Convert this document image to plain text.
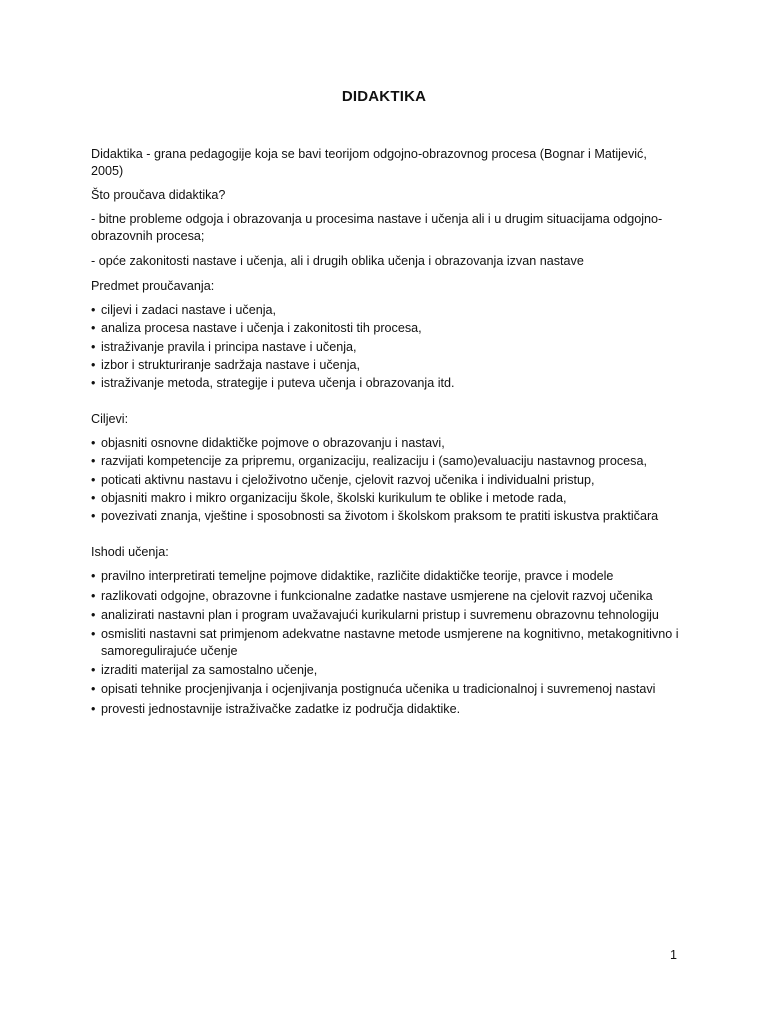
DIDAKTIKA

Didaktika - grana pedagogije koja se bavi teorijom odgojno-obrazovnog procesa (Bognar i Matijević, 2005)

Što proučava didaktika?

- bitne probleme odgoja i obrazovanja u procesima nastave i učenja ali i u drugim situacijama odgojno-obrazovnih procesa;

- opće zakonitosti nastave i učenja, ali i drugih oblika učenja i obrazovanja izvan nastave

Predmet proučavanja:

• ciljevi i zadaci nastave i učenja,
• analiza procesa nastave i učenja i zakonitosti tih procesa,
• istraživanje pravila i principa nastave i učenja,
• izbor i strukturiranje sadržaja nastave i učenja,
• istraživanje metoda, strategije i puteva učenja i obrazovanja itd.

Ciljevi:

• objasniti osnovne didaktičke pojmove o obrazovanju i nastavi,
• razvijati kompetencije za pripremu, organizaciju, realizaciju i (samo)evaluaciju nastavnog procesa,
• poticati aktivnu nastavu i cjeloživotno učenje, cjelovit razvoj učenika i individualni pristup,
• objasniti makro i mikro organizaciju škole, školski kurikulum te oblike i metode rada,
• povezivati znanja, vještine i sposobnosti sa životom i školskom praksom te pratiti iskustva praktičara

Ishodi učenja:

• pravilno interpretirati temeljne pojmove didaktike, različite didaktičke teorije, pravce i modele
• razlikovati odgojne, obrazovne i funkcionalne zadatke nastave usmjerene na cjelovit razvoj učenika
• analizirati nastavni plan i program uvažavajući kurikularni pristup i suvremenu obrazovnu tehnologiju
• osmisliti nastavni sat primjenom adekvatne nastavne metode usmjerene na kognitivno, metakognitivno i samoregulirajuće učenje
• izraditi materijal za samostalno učenje,
• opisati tehnike procjenjivanja i ocjenjivanja postignuća učenika u tradicionalnoj i suvremenoj nastavi
• provesti jednostavnije istraživačke zadatke iz područja didaktike.
1
